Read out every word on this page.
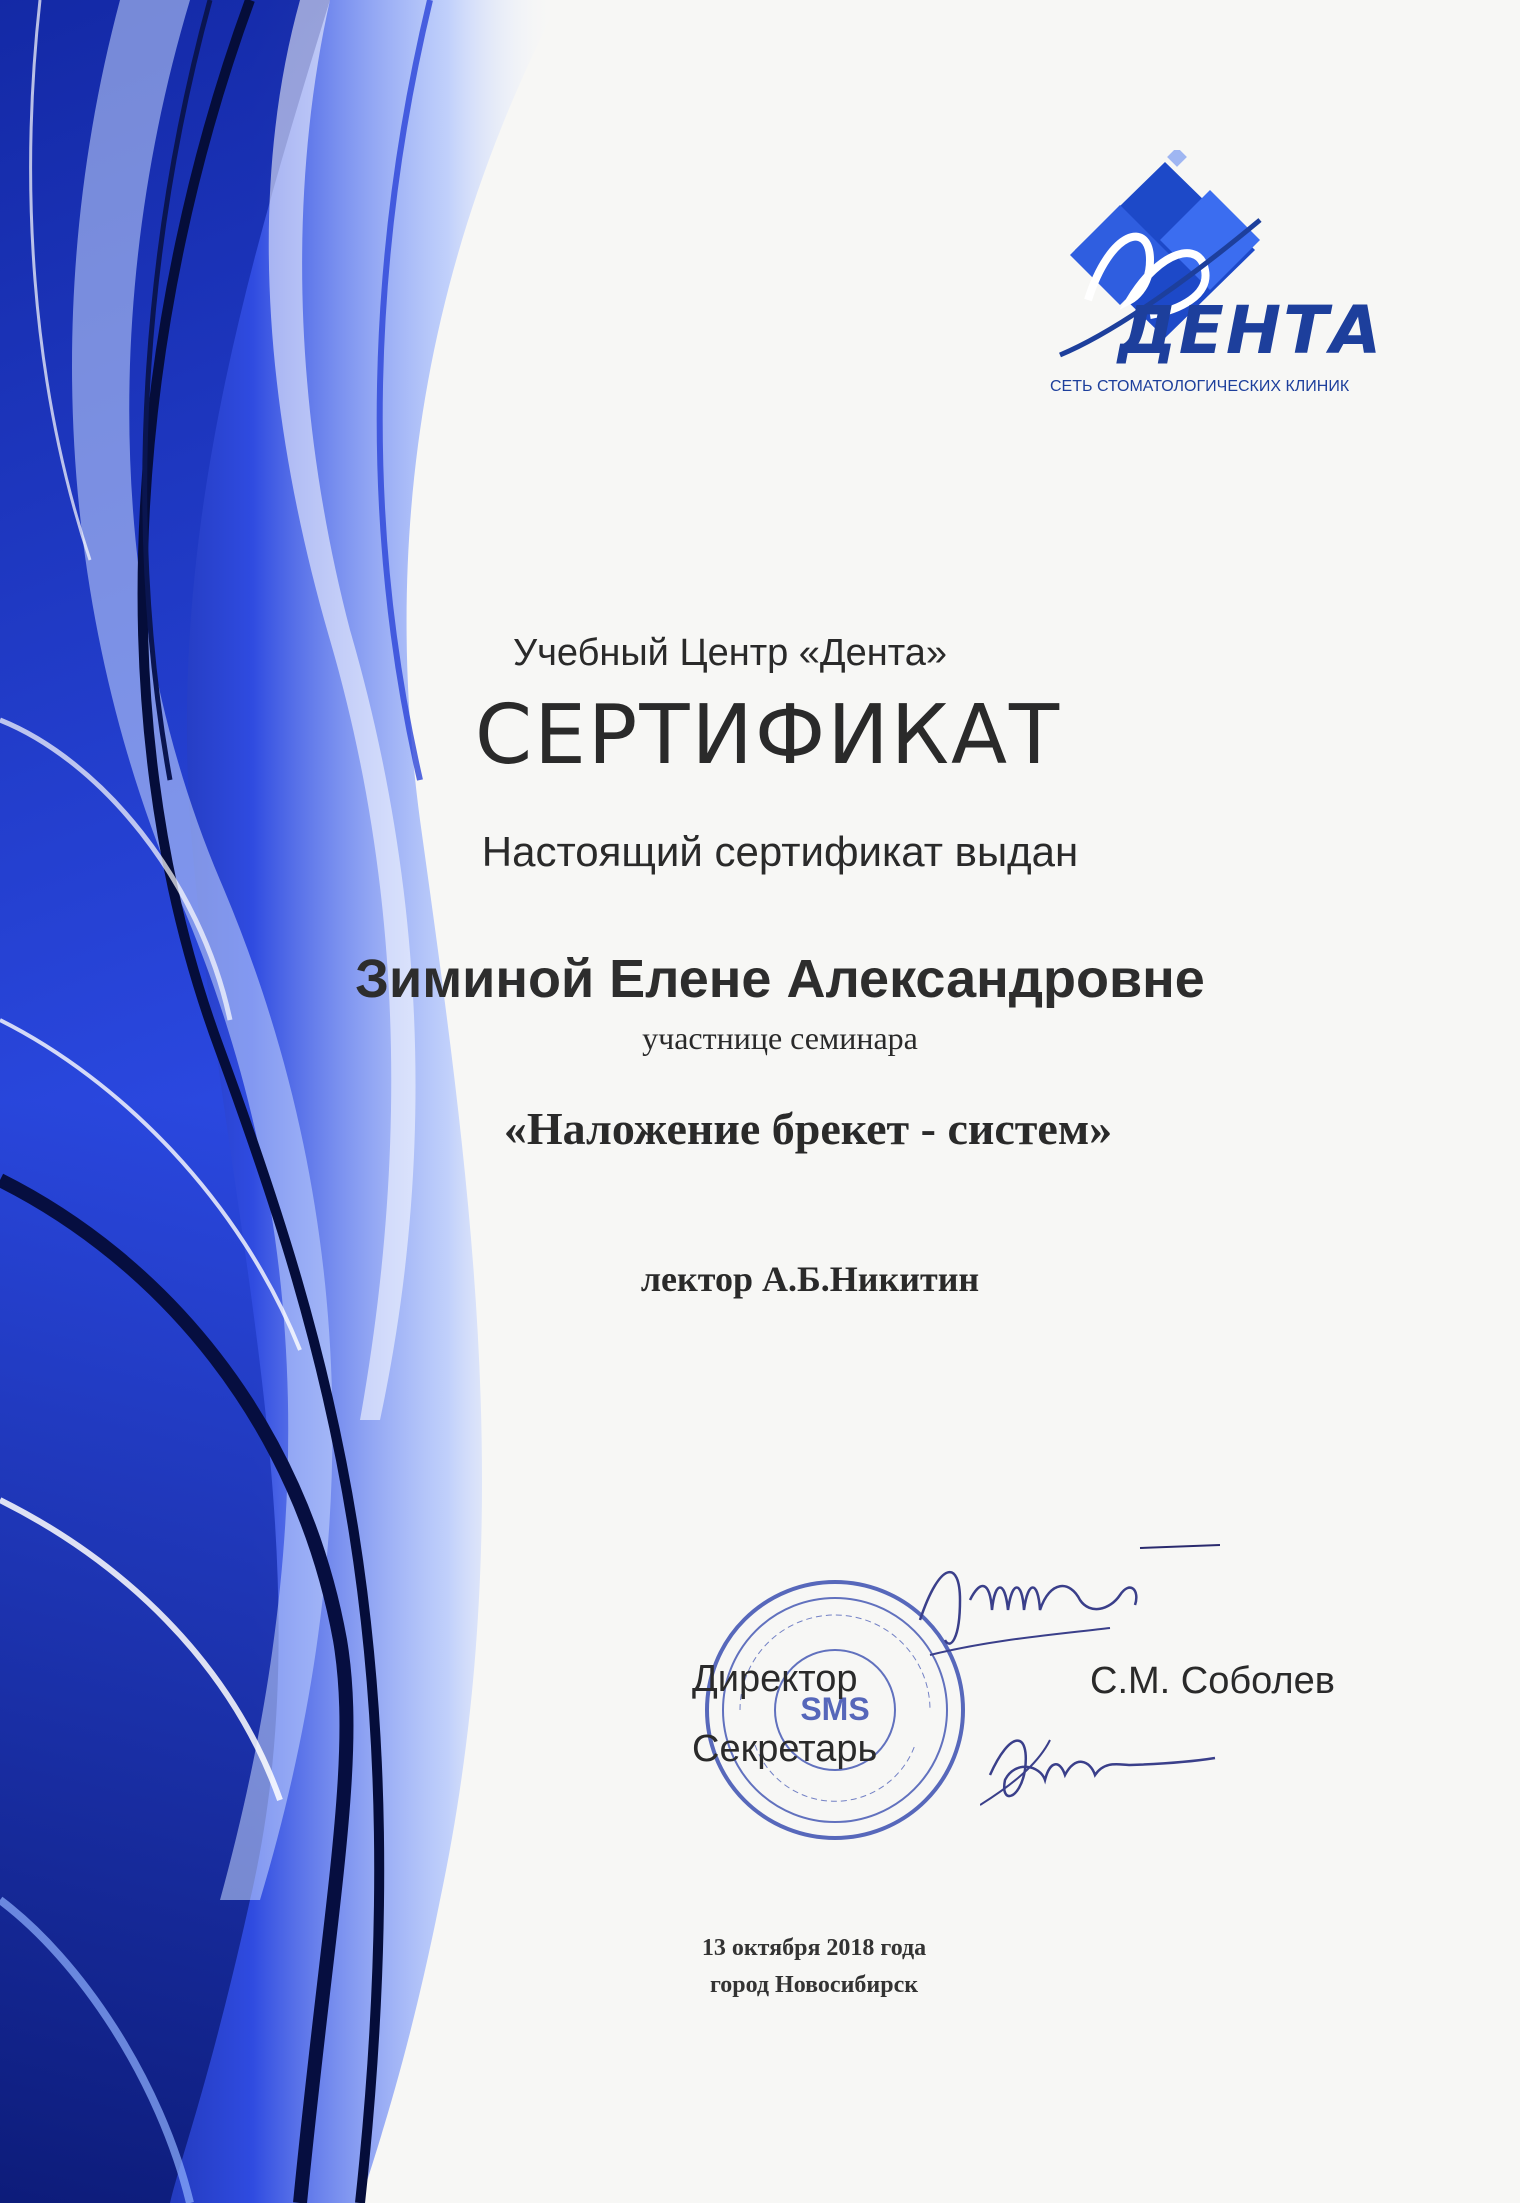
ДЕНТА
СЕТЬ СТОМАТОЛОГИЧЕСКИХ КЛИНИК
Учебный Центр «Дента»
СЕРТИФИКАТ
Настоящий сертификат выдан
Зиминой Елене Александровне
участнице семинара
«Наложение брекет - систем»
лектор А.Б.Никитин
SMS
Директор	С.М. Соболев
Секретарь
13 октября 2018 года
город Новосибирск
